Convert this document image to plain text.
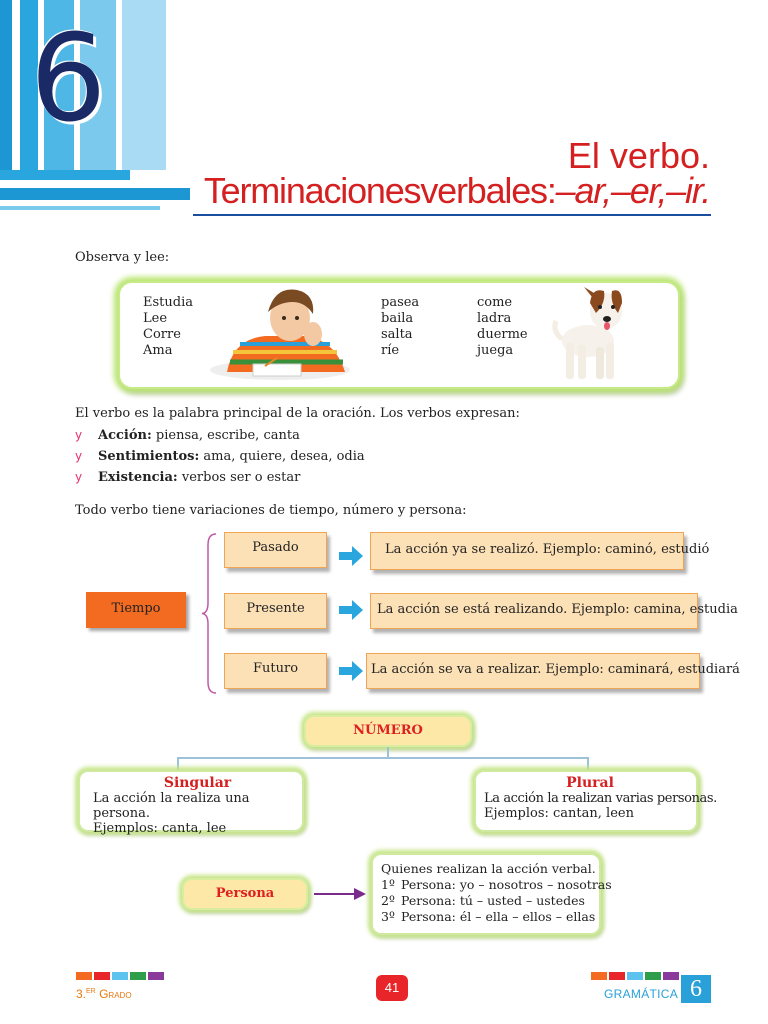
6
El verbo.
Terminacionesverbales:–ar,–er,–ir.
Observa y lee:
Estudia
Lee
Corre
Ama
pasea
baila
salta
ríe
come
ladra
duerme
juega
El verbo es la palabra principal de la oración. Los verbos expresan:
y Acción: piensa, escribe, canta
y Sentimientos: ama, quiere, desea, odia
y Existencia: verbos ser o estar
Todo verbo tiene variaciones de tiempo, número y persona:
Tiempo
Pasado	La acción ya se realizó. Ejemplo: caminó, estudió
Presente	La acción se está realizando. Ejemplo: camina, estudia
Futuro	La acción se va a realizar. Ejemplo: caminará, estudiará
NÚMERO
Singular
La acción la realiza una persona.
Ejemplos: canta, lee
Plural
La acción la realizan varias personas.
Ejemplos: cantan, leen
Persona
Quienes realizan la acción verbal.
1º Persona: yo – nosotros – nosotras
2º Persona: tú – usted – ustedes
3º Persona: él – ella – ellos – ellas
3.$^{ER}$ Grado	41	GRAMÁTICA 6
